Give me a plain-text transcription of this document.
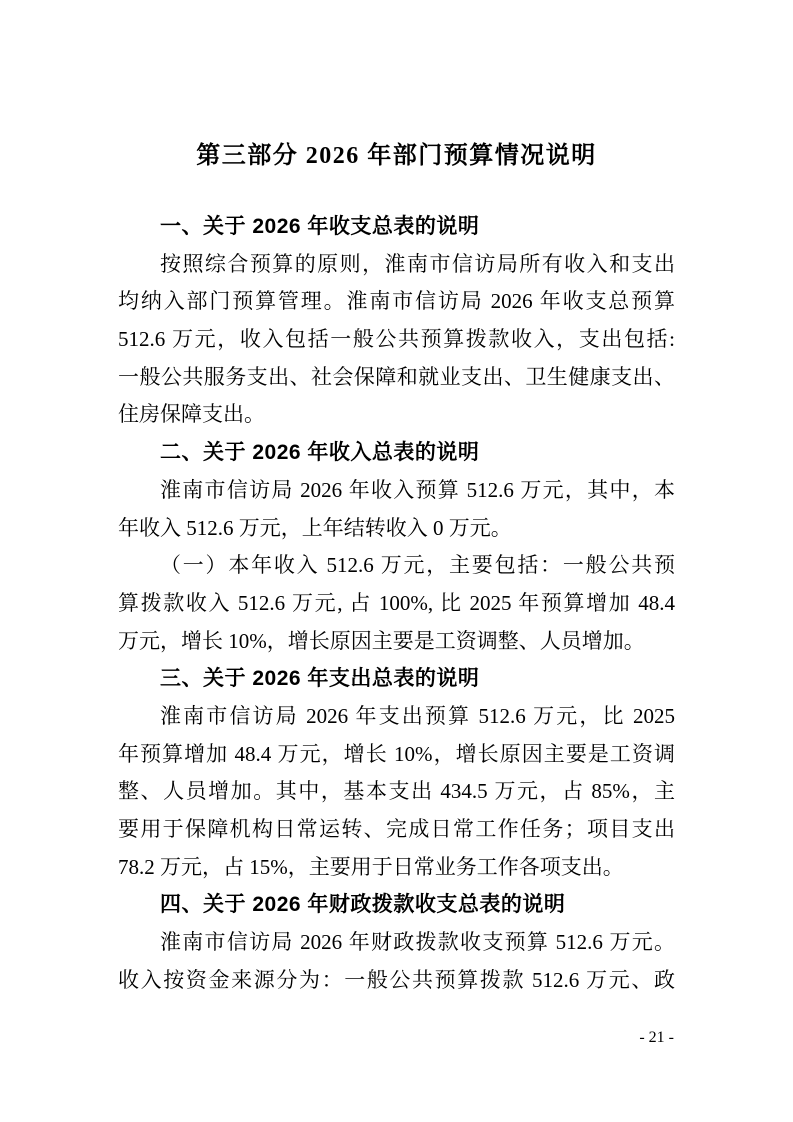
第三部分 2026 年部门预算情况说明
一、关于 2026 年收支总表的说明
按照综合预算的原则，淮南市信访局所有收入和支出
均纳入部门预算管理。淮南市信访局 2026 年收支总预算
512.6 万元，收入包括一般公共预算拨款收入，支出包括:
一般公共服务支出、社会保障和就业支出、卫生健康支出、
住房保障支出。
二、关于 2026 年收入总表的说明
淮南市信访局 2026 年收入预算 512.6 万元，其中，本
年收入 512.6 万元，上年结转收入 0 万元。
（一）本年收入 512.6 万元，主要包括：一般公共预
算拨款收入 512.6 万元, 占 100%, 比 2025 年预算增加 48.4
万元，增长 10%，增长原因主要是工资调整、人员增加。
三、关于 2026 年支出总表的说明
淮南市信访局 2026 年支出预算 512.6 万元，比 2025
年预算增加 48.4 万元，增长 10%，增长原因主要是工资调
整、人员增加。其中，基本支出 434.5 万元，占 85%，主
要用于保障机构日常运转、完成日常工作任务；项目支出
78.2 万元，占 15%，主要用于日常业务工作各项支出。
四、关于 2026 年财政拨款收支总表的说明
淮南市信访局 2026 年财政拨款收支预算 512.6 万元。
收入按资金来源分为：一般公共预算拨款 512.6 万元、政
- 21 -
